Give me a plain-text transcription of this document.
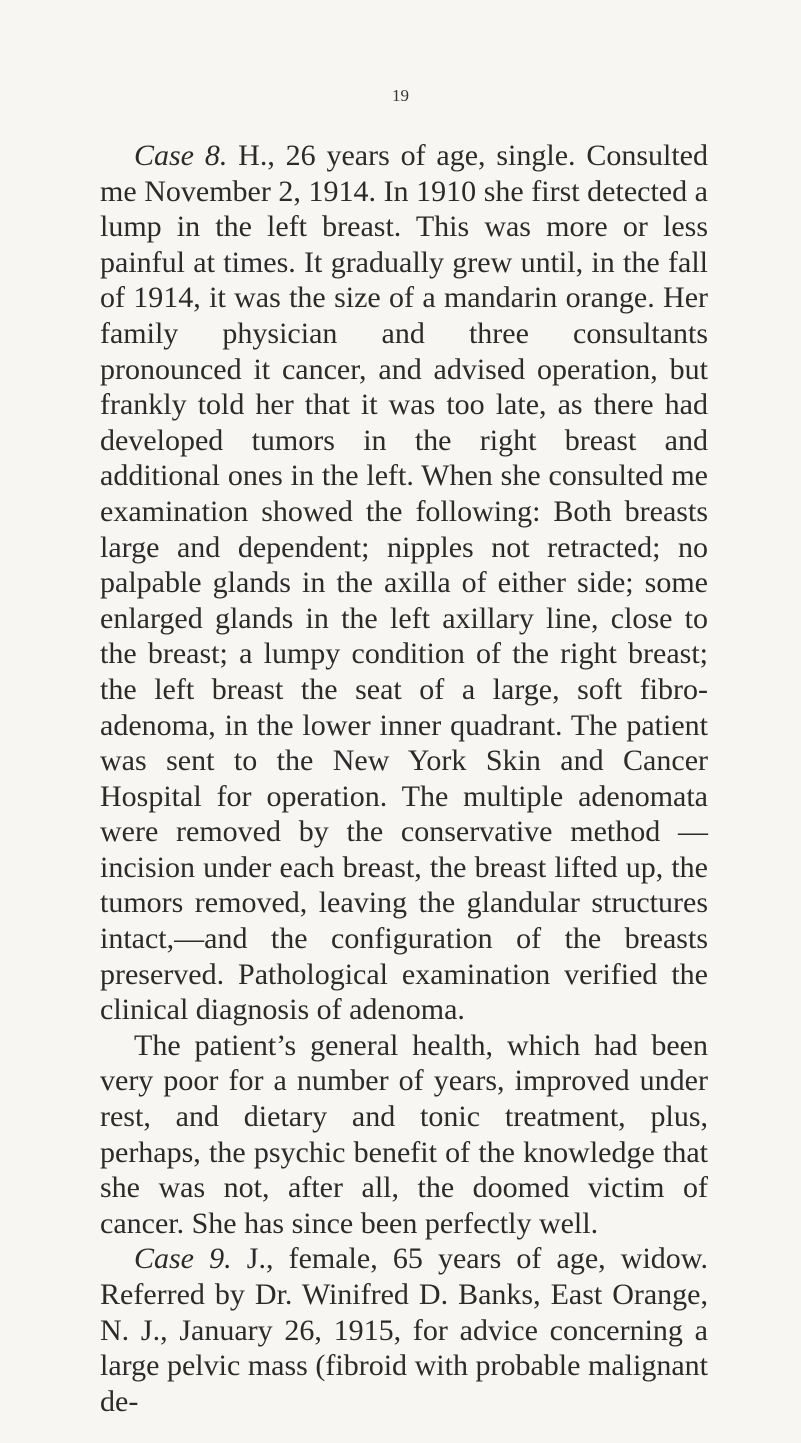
19

Case 8. H., 26 years of age, single. Consulted me November 2, 1914. In 1910 she first detected a lump in the left breast. This was more or less painful at times. It gradually grew until, in the fall of 1914, it was the size of a mandarin orange. Her family physician and three consultants pronounced it cancer, and advised operation, but frankly told her that it was too late, as there had developed tumors in the right breast and additional ones in the left. When she consulted me examination showed the following: Both breasts large and dependent; nipples not retracted; no palpable glands in the axilla of either side; some enlarged glands in the left axillary line, close to the breast; a lumpy condition of the right breast; the left breast the seat of a large, soft fibro-adenoma, in the lower inner quadrant. The patient was sent to the New York Skin and Cancer Hospital for operation. The multiple adenomata were removed by the conservative method —incision under each breast, the breast lifted up, the tumors removed, leaving the glandular structures intact,—and the configuration of the breasts preserved. Pathological examination verified the clinical diagnosis of adenoma.

The patient’s general health, which had been very poor for a number of years, improved under rest, and dietary and tonic treatment, plus, perhaps, the psychic benefit of the knowledge that she was not, after all, the doomed victim of cancer. She has since been perfectly well.

Case 9. J., female, 65 years of age, widow. Referred by Dr. Winifred D. Banks, East Orange, N. J., January 26, 1915, for advice concerning a large pelvic mass (fibroid with probable malignant de-
